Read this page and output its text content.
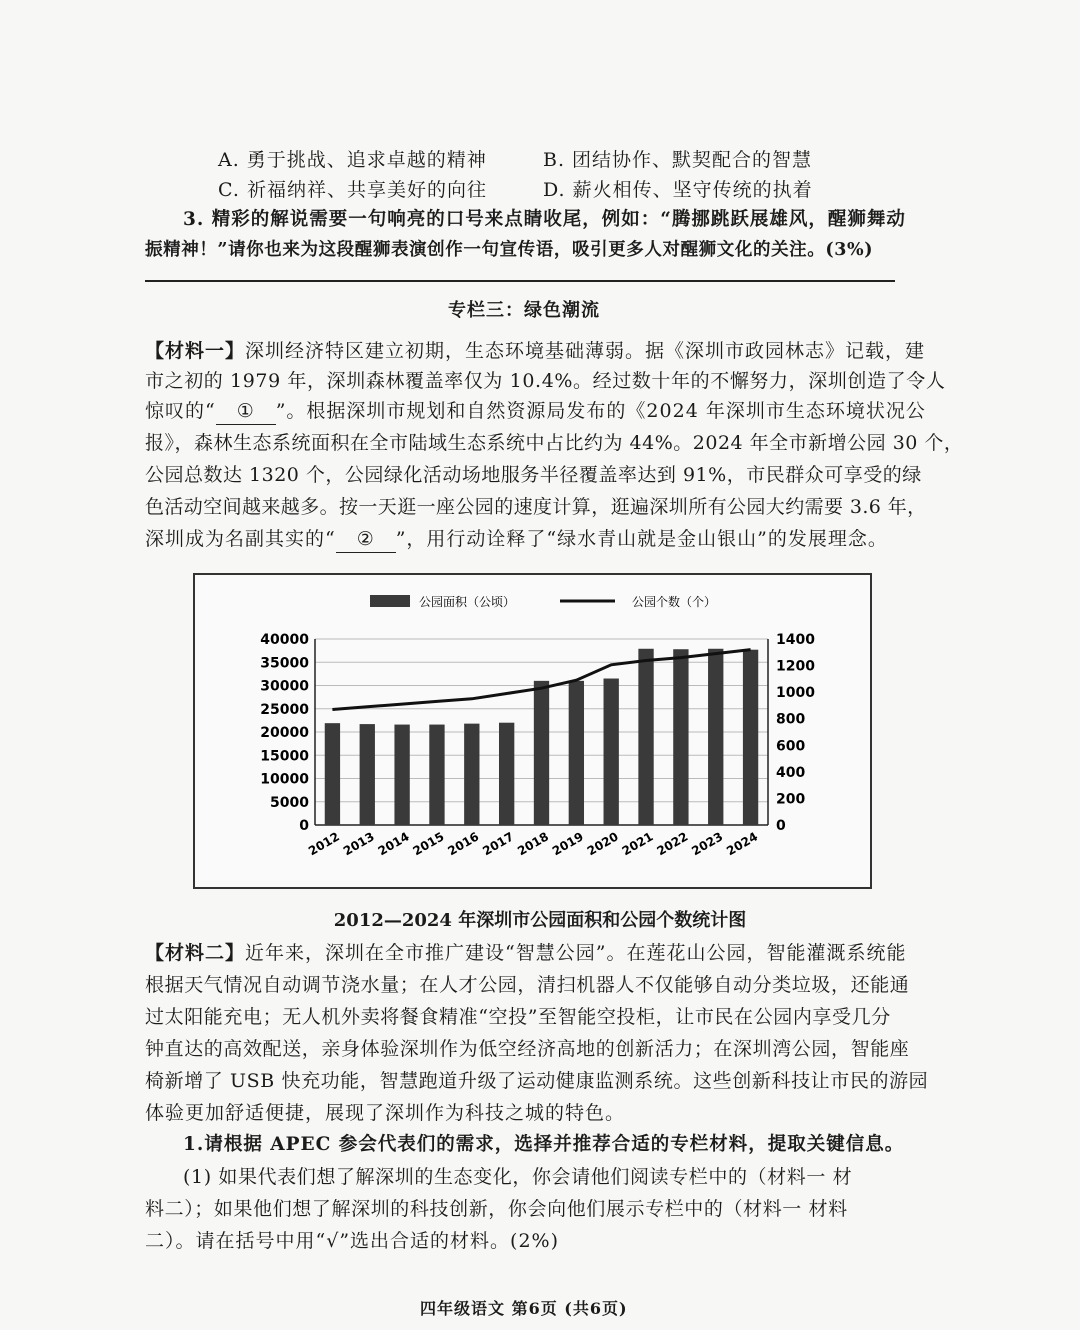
A. 勇于挑战、追求卓越的精神	B. 团结协作、默契配合的智慧
C. 祈福纳祥、共享美好的向往	D. 薪火相传、坚守传统的执着
3. 精彩的解说需要一句响亮的口号来点睛收尾，例如：“腾挪跳跃展雄风，醒狮舞动
振精神！”请你也来为这段醒狮表演创作一句宣传语，吸引更多人对醒狮文化的关注。(3%)
专栏三：绿色潮流
【材料一】深圳经济特区建立初期，生态环境基础薄弱。据《深圳市政园林志》记载，建
市之初的 1979 年，深圳森林覆盖率仅为 10.4%。经过数十年的不懈努力，深圳创造了令人
惊叹的“ ① ”。根据深圳市规划和自然资源局发布的《2024 年深圳市生态环境状况公
报》，森林生态系统面积在全市陆域生态系统中占比约为 44%。2024 年全市新增公园 30 个，
公园总数达 1320 个，公园绿化活动场地服务半径覆盖率达到 91%，市民群众可享受的绿
色活动空间越来越多。按一天逛一座公园的速度计算，逛遍深圳所有公园大约需要 3.6 年，
深圳成为名副其实的“ ② ”，用行动诠释了“绿水青山就是金山银山”的发展理念。
公园面积（公顷）	公园个数（个）
0
5000
10000
15000
20000
25000
30000
35000
40000
0
200
400
600
800
1000
1200
1400
2012
2013
2014
2015
2016
2017
2018
2019
2020
2021
2022
2023
2024
2012—2024 年深圳市公园面积和公园个数统计图
【材料二】近年来，深圳在全市推广建设“智慧公园”。在莲花山公园，智能灌溉系统能
根据天气情况自动调节浇水量；在人才公园，清扫机器人不仅能够自动分类垃圾，还能通
过太阳能充电；无人机外卖将餐食精准“空投”至智能空投柜，让市民在公园内享受几分
钟直达的高效配送，亲身体验深圳作为低空经济高地的创新活力；在深圳湾公园，智能座
椅新增了 USB 快充功能，智慧跑道升级了运动健康监测系统。这些创新科技让市民的游园
体验更加舒适便捷，展现了深圳作为科技之城的特色。
1.请根据 APEC 参会代表们的需求，选择并推荐合适的专栏材料，提取关键信息。
(1) 如果代表们想了解深圳的生态变化，你会请他们阅读专栏中的（材料一 材
料二）；如果他们想了解深圳的科技创新，你会向他们展示专栏中的（材料一 材料
二）。请在括号中用“√”选出合适的材料。(2%)
四年级语文 第6页 (共6页)
